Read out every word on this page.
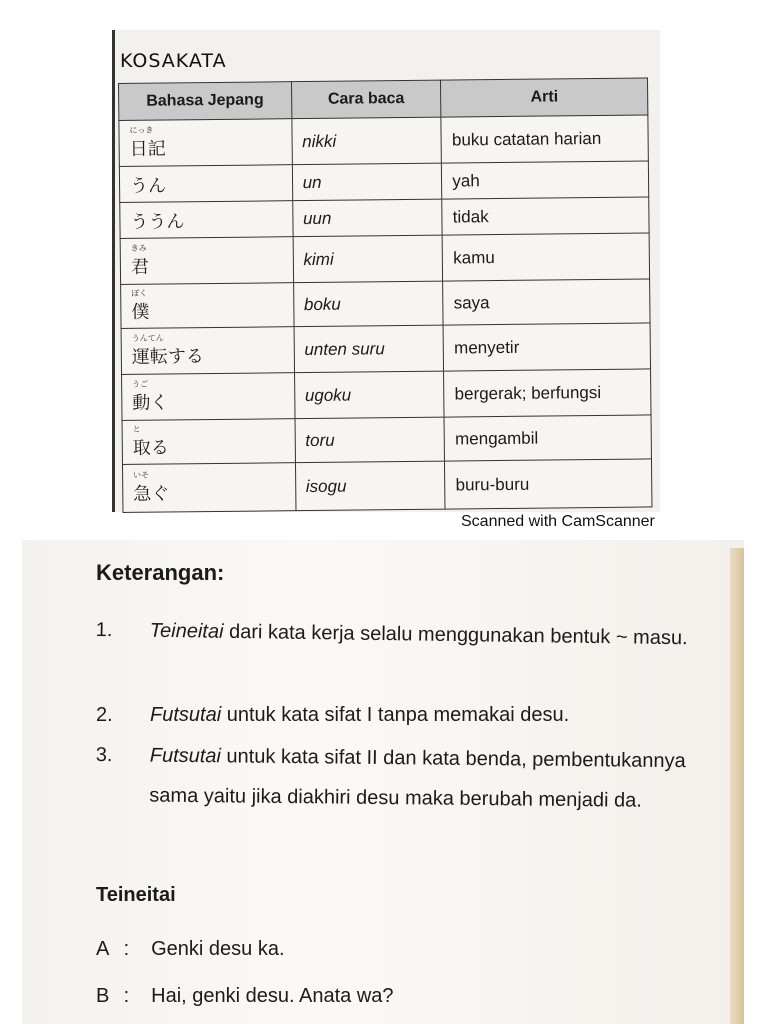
KOSAKATA
Bahasa Jepang	Cara baca	Arti

にっき
日記	nikki	buku catatan harian

うん	un	yah

ううん	uun	tidak

きみ
君	kimi	kamu

ぼく
僕	boku	saya

うんてん
運転する	unten suru	menyetir

うご
動く	ugoku	bergerak; berfungsi

と
取る	toru	mengambil

いそ
急ぐ	isogu	buru-buru
Scanned with CamScanner
Keterangan:
1.	Teineitai dari kata kerja selalu menggunakan bentuk ~ masu.
2.	Futsutai untuk kata sifat I tanpa memakai desu.
3.	Futsutai untuk kata sifat II dan kata benda, pembentukannya sama yaitu jika diakhiri desu maka berubah menjadi da.
Teineitai
A : Genki desu ka.
B : Hai, genki desu. Anata wa?
